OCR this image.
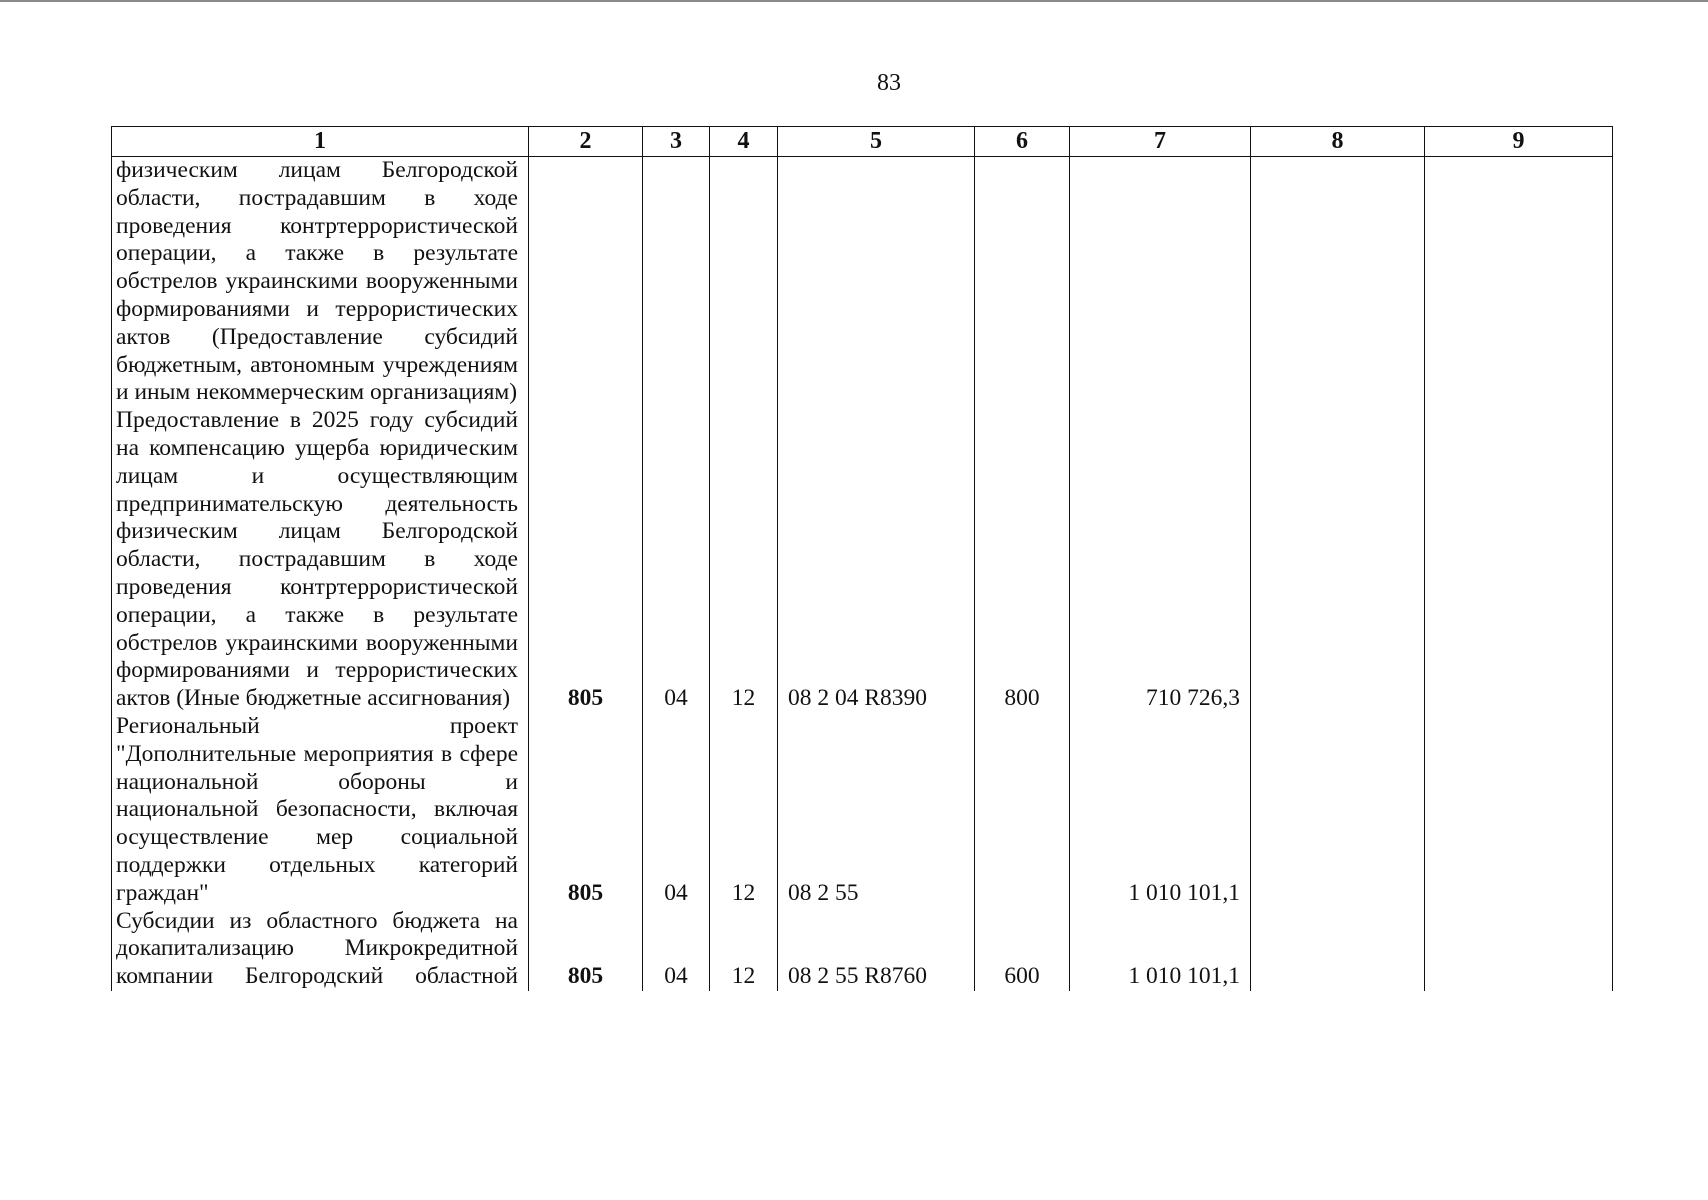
83
1	2	3	4	5	6	7	8	9
физическим лицам Белгородской области, пострадавшим в ходе проведения контртеррористической операции, а также в результате обстрелов украинскими вооруженными формированиями и террористических актов (Предоставление субсидий бюджетным, автономным учреждениям и иным некоммерческим организациям)								
Предоставление в 2025 году субсидий на компенсацию ущерба юридическим лицам и осуществляющим предпринимательскую деятельность физическим лицам Белгородской области, пострадавшим в ходе проведения контртеррористической операции, а также в результате обстрелов украинскими вооруженными формированиями и террористических актов (Иные бюджетные ассигнования)	805	04	12	08 2 04 R8390	800	710 726,3		
Региональный проект "Дополнительные мероприятия в сфере национальной обороны и национальной безопасности, включая осуществление мер социальной поддержки отдельных категорий граждан"	805	04	12	08 2 55		1 010 101,1		
Субсидии из областного бюджета на докапитализацию Микрокредитной компании Белгородский областной	805	04	12	08 2 55 R8760	600	1 010 101,1		
